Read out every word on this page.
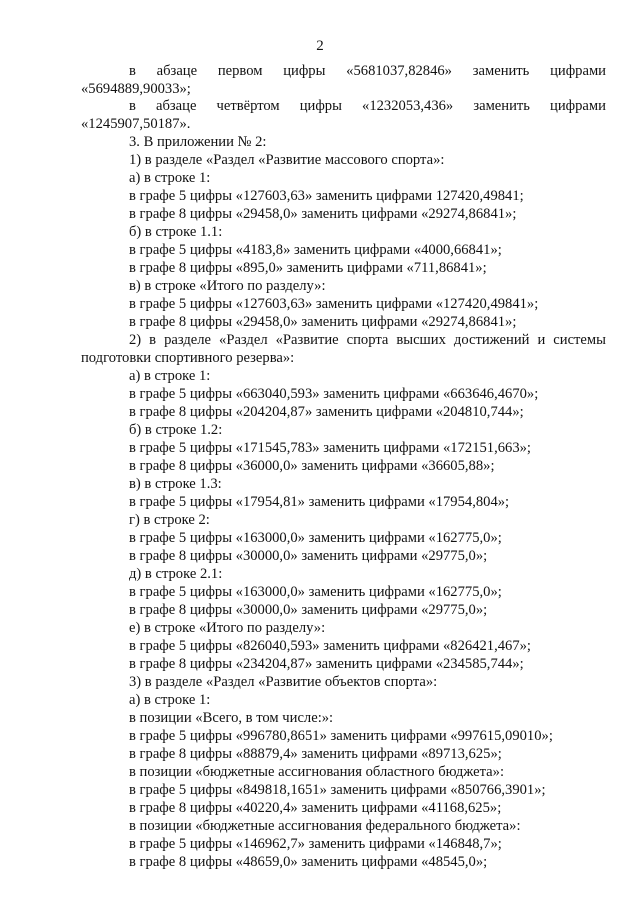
2
в абзаце первом цифры «5681037,82846» заменить цифрами
«5694889,90033»;
в абзаце четвёртом цифры «1232053,436» заменить цифрами
«1245907,50187».
3. В приложении № 2:
1) в разделе «Раздел «Развитие массового спорта»:
а) в строке 1:
в графе 5 цифры «127603,63» заменить цифрами 127420,49841;
в графе 8 цифры «29458,0» заменить цифрами «29274,86841»;
б) в строке 1.1:
в графе 5 цифры «4183,8» заменить цифрами «4000,66841»;
в графе 8 цифры «895,0» заменить цифрами «711,86841»;
в) в строке «Итого по разделу»:
в графе 5 цифры «127603,63» заменить цифрами «127420,49841»;
в графе 8 цифры «29458,0» заменить цифрами «29274,86841»;
2) в разделе «Раздел «Развитие спорта высших достижений и системы
подготовки спортивного резерва»:
а) в строке 1:
в графе 5 цифры «663040,593» заменить цифрами «663646,4670»;
в графе 8 цифры «204204,87» заменить цифрами «204810,744»;
б) в строке 1.2:
в графе 5 цифры «171545,783» заменить цифрами «172151,663»;
в графе 8 цифры «36000,0» заменить цифрами «36605,88»;
в) в строке 1.3:
в графе 5 цифры «17954,81» заменить цифрами «17954,804»;
г) в строке 2:
в графе 5 цифры «163000,0» заменить цифрами «162775,0»;
в графе 8 цифры «30000,0» заменить цифрами «29775,0»;
д) в строке 2.1:
в графе 5 цифры «163000,0» заменить цифрами «162775,0»;
в графе 8 цифры «30000,0» заменить цифрами «29775,0»;
е) в строке «Итого по разделу»:
в графе 5 цифры «826040,593» заменить цифрами «826421,467»;
в графе 8 цифры «234204,87» заменить цифрами «234585,744»;
3) в разделе «Раздел «Развитие объектов спорта»:
а) в строке 1:
в позиции «Всего, в том числе:»:
в графе 5 цифры «996780,8651» заменить цифрами «997615,09010»;
в графе 8 цифры «88879,4» заменить цифрами «89713,625»;
в позиции «бюджетные ассигнования областного бюджета»:
в графе 5 цифры «849818,1651» заменить цифрами «850766,3901»;
в графе 8 цифры «40220,4» заменить цифрами «41168,625»;
в позиции «бюджетные ассигнования федерального бюджета»:
в графе 5 цифры «146962,7» заменить цифрами «146848,7»;
в графе 8 цифры «48659,0» заменить цифрами «48545,0»;
